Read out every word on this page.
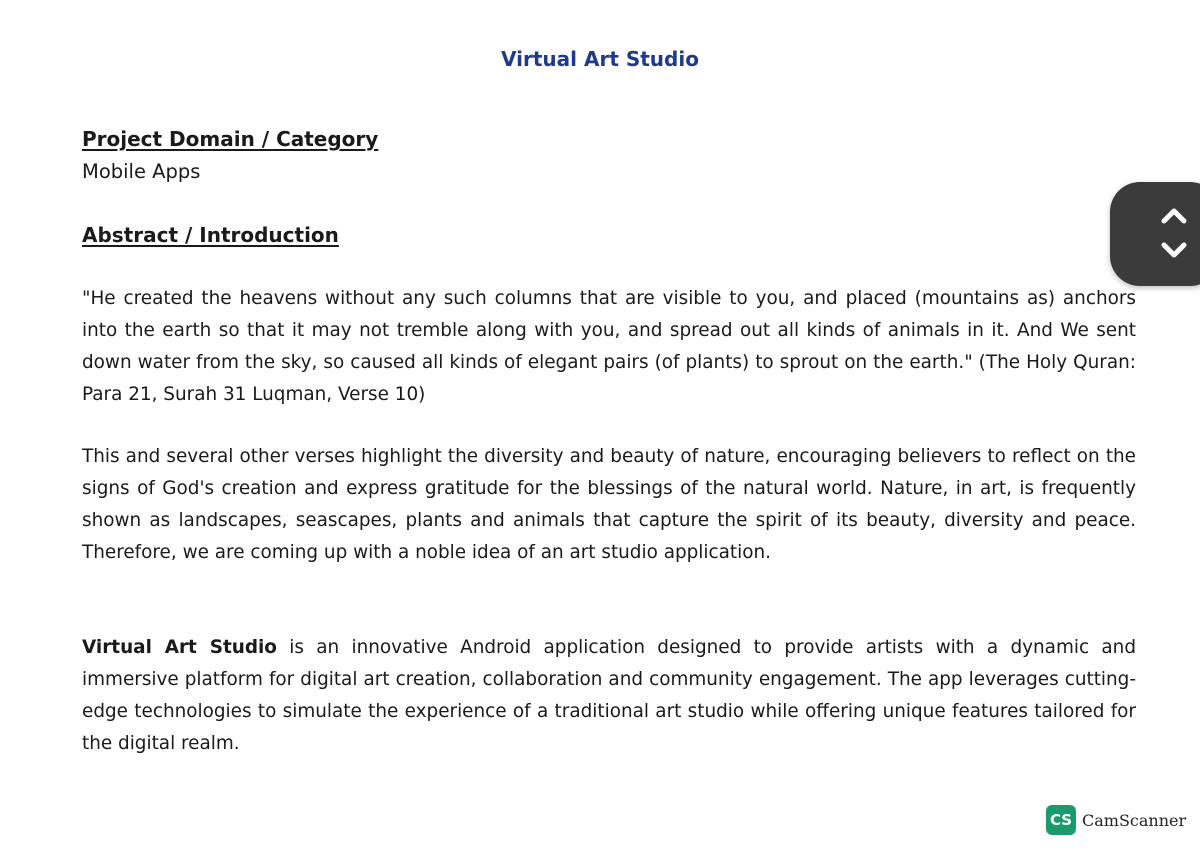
Virtual Art Studio
Project Domain / Category
Mobile Apps
Abstract / Introduction
"He created the heavens without any such columns that are visible to you, and placed (mountains as) anchors into the earth so that it may not tremble along with you, and spread out all kinds of animals in it. And We sent down water from the sky, so caused all kinds of elegant pairs (of plants) to sprout on the earth." (The Holy Quran: Para 21, Surah 31 Luqman, Verse 10)
This and several other verses highlight the diversity and beauty of nature, encouraging believers to reflect on the signs of God's creation and express gratitude for the blessings of the natural world. Nature, in art, is frequently shown as landscapes, seascapes, plants and animals that capture the spirit of its beauty, diversity and peace. Therefore, we are coming up with a noble idea of an art studio application.
Virtual Art Studio is an innovative Android application designed to provide artists with a dynamic and immersive platform for digital art creation, collaboration and community engagement. The app leverages cutting-edge technologies to simulate the experience of a traditional art studio while offering unique features tailored for the digital realm.
CS CamScanner
